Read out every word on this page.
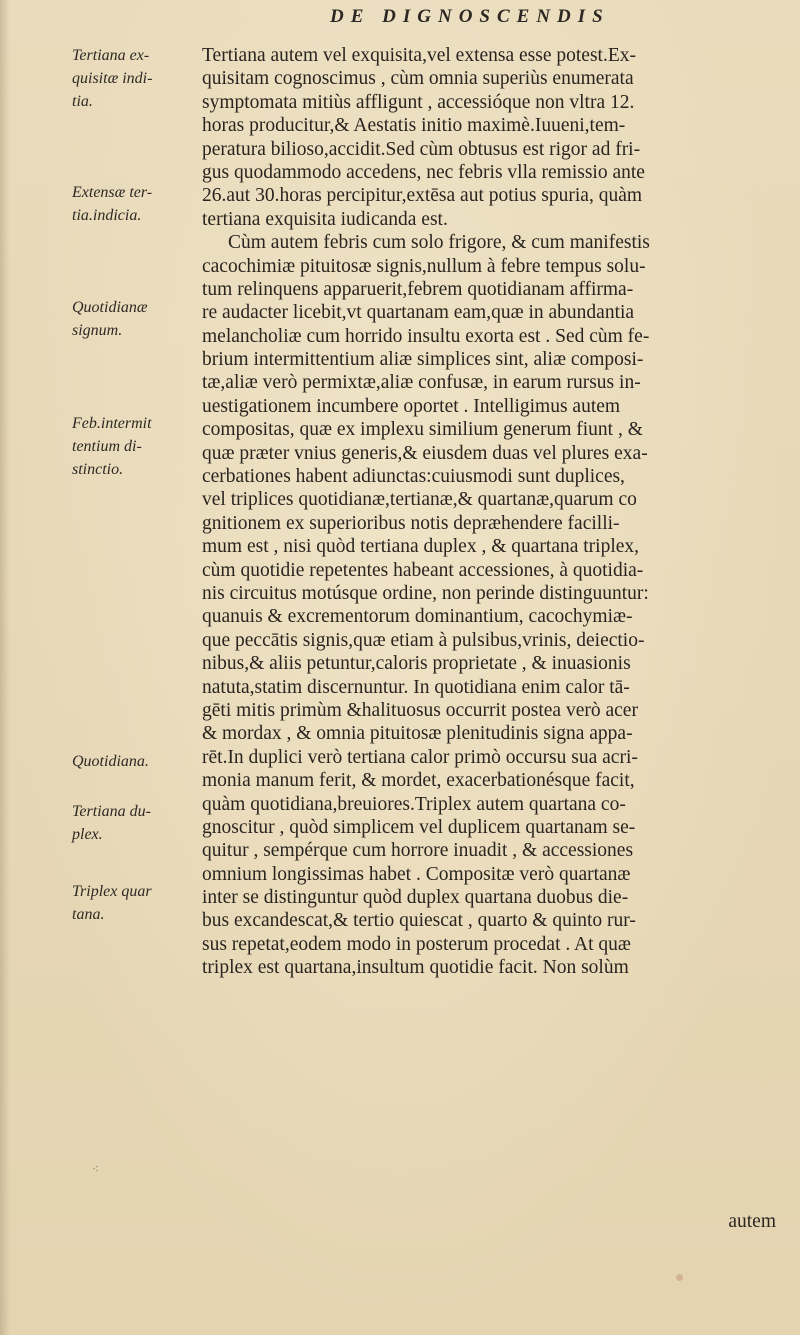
DE DIGNOSCENDIS
Tertiana ex-
quisitæ indi-
tia.
Extensæ ter-
tia.indicia.
Quotidianæ
signum.
Feb.intermit
tentium di-
stinctio.
Quotidiana.
Tertiana du-
plex.
Triplex quar
tana.
Tertiana autem vel exquisita,vel extensa esse potest.Ex-
quisitam cognoscimus , cùm omnia superiùs enumerata
symptomata mitiùs affligunt , accessióque non vltra 12.
horas producitur,& Aestatis initio maximè.Iuueni,tem-
peratura bilioso,accidit.Sed cùm obtusus est rigor ad fri-
gus quodammodo accedens, nec febris vlla remissio ante
26.aut 30.horas percipitur,extēsa aut potius spuria, quàm
tertiana exquisita iudicanda est.
Cùm autem febris cum solo frigore, & cum manifestis
cacochimiæ pituitosæ signis,nullum à febre tempus solu-
tum relinquens apparuerit,febrem quotidianam affirma-
re audacter licebit,vt quartanam eam,quæ in abundantia
melancholiæ cum horrido insultu exorta est . Sed cùm fe-
brium intermittentium aliæ simplices sint, aliæ composi-
tæ,aliæ verò permixtæ,aliæ confusæ, in earum rursus in-
uestigationem incumbere oportet . Intelligimus autem
compositas, quæ ex implexu similium generum fiunt , &
quæ præter vnius generis,& eiusdem duas vel plures exa-
cerbationes habent adiunctas:cuiusmodi sunt duplices,
vel triplices quotidianæ,tertianæ,& quartanæ,quarum co
gnitionem ex superioribus notis depræhendere facilli-
mum est , nisi quòd tertiana duplex , & quartana triplex,
cùm quotidie repetentes habeant accessiones, à quotidia-
nis circuitus motúsque ordine, non perinde distinguuntur:
quanuis & excrementorum dominantium, cacochymiæ-
que peccātis signis,quæ etiam à pulsibus,vrinis, deiectio-
nibus,& aliis petuntur,caloris proprietate , & inuasionis
natuta,statim discernuntur. In quotidiana enim calor tā-
gēti mitis primùm &halituosus occurrit postea verò acer
& mordax , & omnia pituitosæ plenitudinis signa appa-
rēt.In duplici verò tertiana calor primò occursu sua acri-
monia manum ferit, & mordet, exacerbationésque facit,
quàm quotidiana,breuiores.Triplex autem quartana co-
gnoscitur , quòd simplicem vel duplicem quartanam se-
quitur , sempérque cum horrore inuadit , & accessiones
omnium longissimas habet . Compositæ verò quartanæ
inter se distinguntur quòd duplex quartana duobus die-
bus excandescat,& tertio quiescat , quarto & quinto rur-
sus repetat,eodem modo in posterum procedat . At quæ
triplex est quartana,insultum quotidie facit. Non solùm
autem
⁖
